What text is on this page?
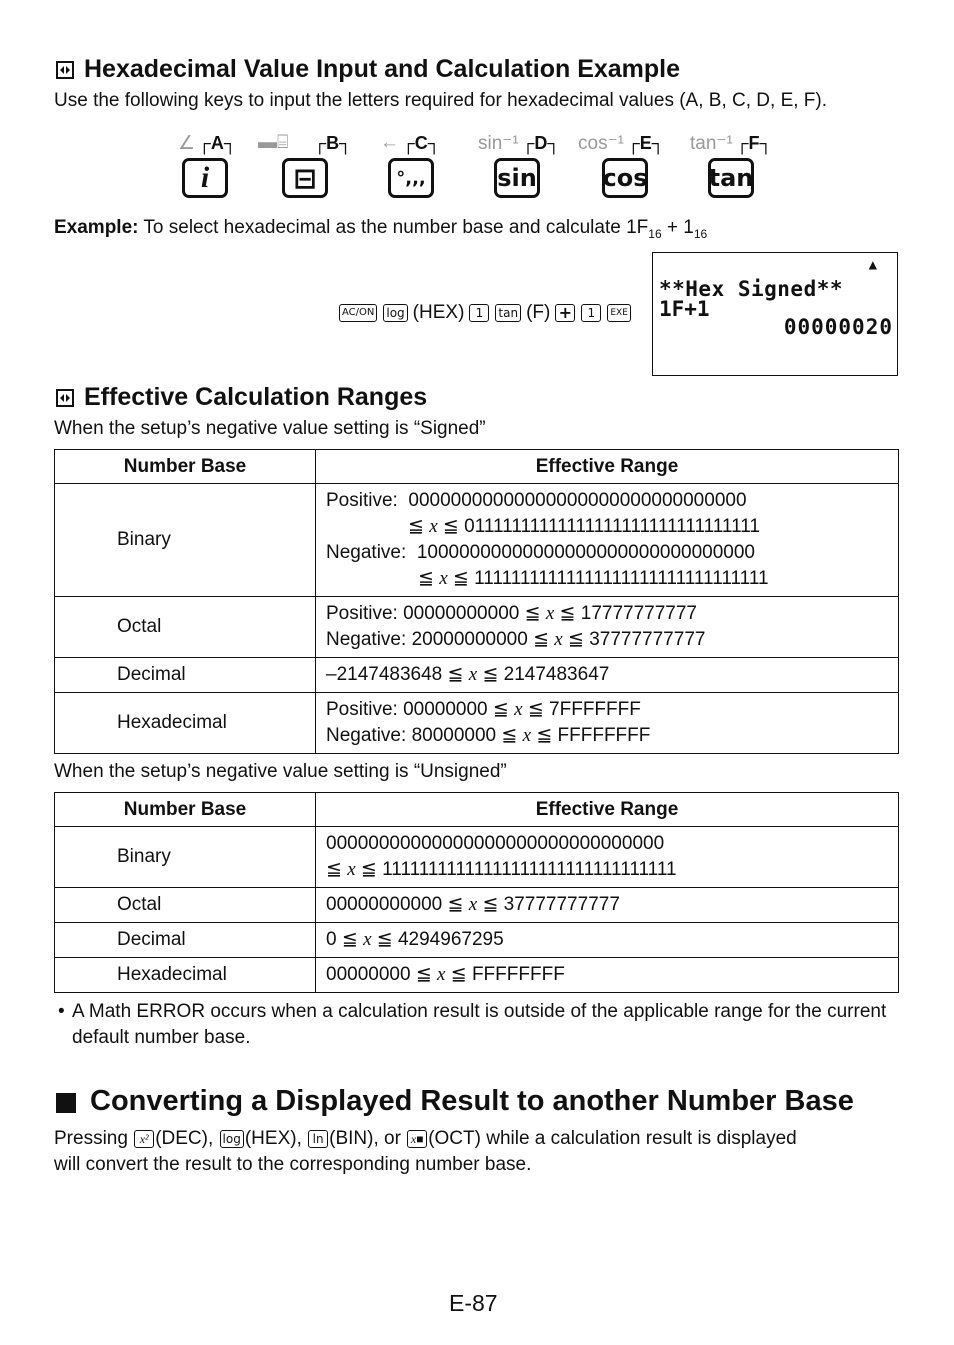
Hexadecimal Value Input and Calculation Example
Use the following keys to input the letters required for hexadecimal values (A, B, C, D, E, F).
∠ ┌A┐
i
▬⌸ ┌B┐
⊟
← ┌C┐
°,,,
sin⁻¹ ┌D┐
sin
cos⁻¹ ┌E┐
cos
tan⁻¹ ┌F┐
tan
Example: To select hexadecimal as the number base and calculate $1F_{16} + 1_{16}$
AC/ON log (HEX) 1	tan (F) +	1	EXE
▲
**Hex Signed**
1F+1
00000020
Effective Calculation Ranges
When the setup’s negative value setting is “Signed”
Number Base	Effective Range
Binary	Positive: 00000000000000000000000000000000
≦ x ≦ 01111111111111111111111111111111
Negative: 10000000000000000000000000000000
≦ x ≦ 11111111111111111111111111111111

Octal	Positive: 00000000000 ≦ x ≦ 17777777777
Negative: 20000000000 ≦ x ≦ 37777777777

Decimal	–2147483648 ≦ x ≦ 2147483647
Hexadecimal	Positive: 00000000 ≦ x ≦ 7FFFFFFF
Negative: 80000000 ≦ x ≦ FFFFFFFF
When the setup’s negative value setting is “Unsigned”
Number Base	Effective Range
Binary	00000000000000000000000000000000
≦ x ≦ 11111111111111111111111111111111

Octal	00000000000 ≦ x ≦ 37777777777
Decimal	0 ≦ x ≦ 4294967295
Hexadecimal	00000000 ≦ x ≦ FFFFFFFF
• A Math ERROR occurs when a calculation result is outside of the applicable range for the current default number base.
Converting a Displayed Result to another Number Base
Pressing x² (DEC), log (HEX), ln (BIN), or x■ (OCT) while a calculation result is displayed
will convert the result to the corresponding number base.
E-87
